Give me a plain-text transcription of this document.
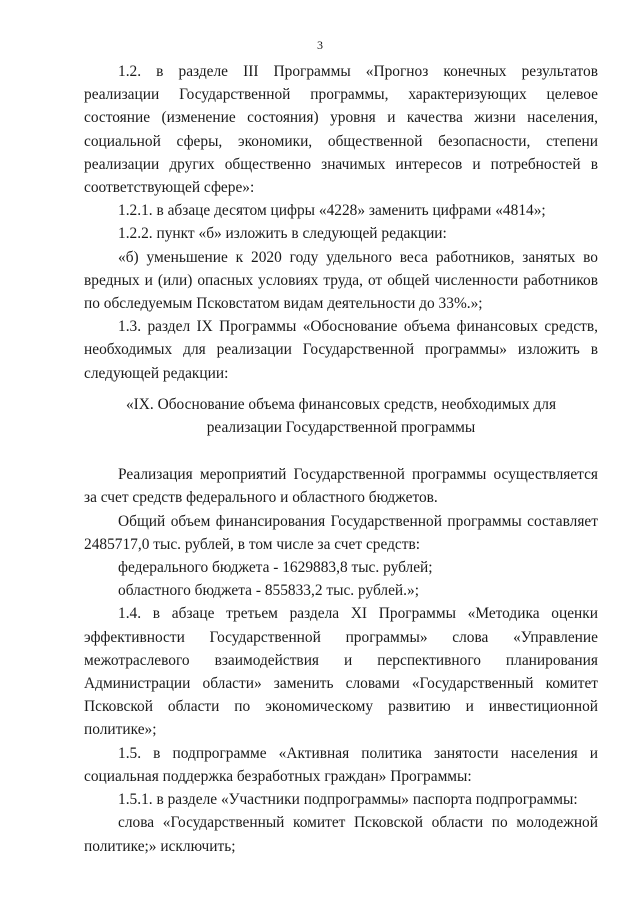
3

1.2. в разделе III Программы «Прогноз конечных результатов реализации Государственной программы, характеризующих целевое состояние (изменение состояния) уровня и качества жизни населения, социальной сферы, экономики, общественной безопасности, степени реализации других общественно значимых интересов и потребностей в соответствующей сфере»:

1.2.1. в абзаце десятом цифры «4228» заменить цифрами «4814»;

1.2.2. пункт «б» изложить в следующей редакции:

«б) уменьшение к 2020 году удельного веса работников, занятых во вредных и (или) опасных условиях труда, от общей численности работников по обследуемым Псковстатом видам деятельности до 33%.»;

1.3. раздел IX Программы «Обоснование объема финансовых средств, необходимых для реализации Государственной программы» изложить в следующей редакции:

«IX. Обоснование объема финансовых средств, необходимых для

реализации Государственной программы

Реализация мероприятий Государственной программы осуществляется за счет средств федерального и областного бюджетов.

Общий объем финансирования Государственной программы составляет 2485717,0 тыс. рублей, в том числе за счет средств:

федерального бюджета - 1629883,8 тыс. рублей;

областного бюджета - 855833,2 тыс. рублей.»;

1.4. в абзаце третьем раздела XI Программы «Методика оценки эффективности Государственной программы» слова «Управление межотраслевого взаимодействия и перспективного планирования Администрации области» заменить словами «Государственный комитет Псковской области по экономическому развитию и инвестиционной политике»;

1.5. в подпрограмме «Активная политика занятости населения и социальная поддержка безработных граждан» Программы:

1.5.1. в разделе «Участники подпрограммы» паспорта подпрограммы:

слова «Государственный комитет Псковской области по молодежной политике;» исключить;
